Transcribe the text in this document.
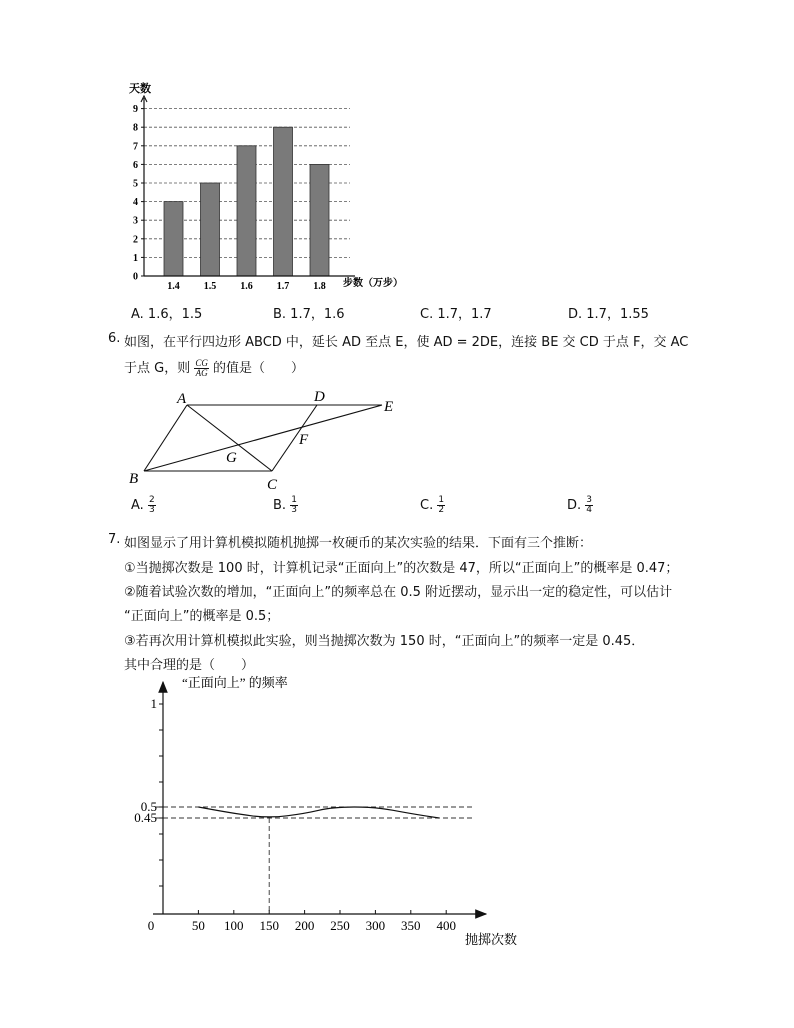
0
1
2
3
4
5
6
7
8
9
1.4 1.5 1.6 1.7 1.8
天数
步数（万步）
A. 1.6，1.5	B. 1.7，1.6	C. 1.7，1.7	D. 1.7，1.55
6. 如图，在平行四边形 ABCD 中，延长 AD 至点 E，使 AD = 2DE，连接 BE 交 CD 于点 F，交 AC
于点 G，则 $\frac{CG}{AG}$ 的值是（　　）
A	D
E
F
G
B	C
A. $\frac{2}{3}$	B. $\frac{1}{3}$	C. $\frac{1}{2}$	D. $\frac{3}{4}$
7. 如图显示了用计算机模拟随机抛掷一枚硬币的某次实验的结果．下面有三个推断：
①当抛掷次数是 100 时，计算机记录“正面向上”的次数是 47，所以“正面向上”的概率是 0.47；
②随着试验次数的增加，“正面向上”的频率总在 0.5 附近摆动，显示出一定的稳定性，可以估计
“正面向上”的概率是 0.5；
③若再次用计算机模拟此实验，则当抛掷次数为 150 时，“正面向上”的频率一定是 0.45．
其中合理的是（　　）
1
0.5
0.45
0	50 100 150 200 250 300 350 400
“正面向上” 的频率
抛掷次数
